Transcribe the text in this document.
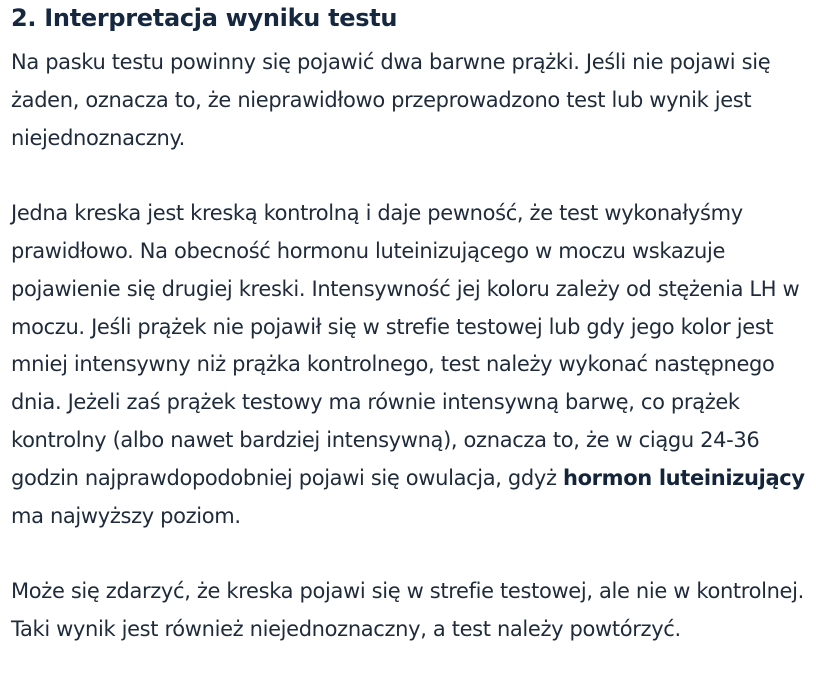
2. Interpretacja wyniku testu

Na pasku testu powinny się pojawić dwa barwne prążki. Jeśli nie pojawi się żaden, oznacza to, że nieprawidłowo przeprowadzono test lub wynik jest niejednoznaczny.

Jedna kreska jest kreską kontrolną i daje pewność, że test wykonałyśmy prawidłowo. Na obecność hormonu luteinizującego w moczu wskazuje pojawienie się drugiej kreski. Intensywność jej koloru zależy od stężenia LH w moczu. Jeśli prążek nie pojawił się w strefie testowej lub gdy jego kolor jest mniej intensywny niż prążka kontrolnego, test należy wykonać następnego dnia. Jeżeli zaś prążek testowy ma równie intensywną barwę, co prążek kontrolny (albo nawet bardziej intensywną), oznacza to, że w ciągu 24-36 godzin najprawdopodobniej pojawi się owulacja, gdyż hormon luteinizujący ma najwyższy poziom.

Może się zdarzyć, że kreska pojawi się w strefie testowej, ale nie w kontrolnej. Taki wynik jest również niejednoznaczny, a test należy powtórzyć.
